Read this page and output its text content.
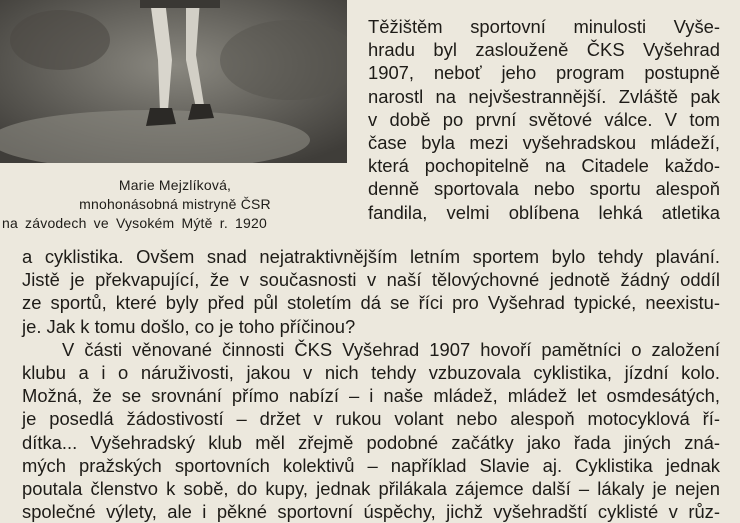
Marie Mejzlíková,
mnohonásobná mistryně ČSR
na závodech ve Vysokém Mýtě r. 1920
Těžištěm sportovní minulosti Vyše-
hradu byl zaslouženě ČKS Vyšehrad
1907, neboť jeho program postupně
narostl na nejvšestrannější. Zvláště pak
v době po první světové válce. V tom
čase byla mezi vyšehradskou mládeží,
která pochopitelně na Citadele každo-
denně sportovala nebo sportu alespoň
fandila, velmi oblíbena lehká atletika
a cyklistika. Ovšem snad nejatraktivnějším letním sportem bylo tehdy plavání.
Jistě je překvapující, že v současnosti v naší tělovýchovné jednotě žádný oddíl
ze sportů, které byly před půl stoletím dá se říci pro Vyšehrad typické, neexistu-
je. Jak k tomu došlo, co je toho příčinou?
V části věnované činnosti ČKS Vyšehrad 1907 hovoří pamětníci o založení
klubu a i o náruživosti, jakou v nich tehdy vzbuzovala cyklistika, jízdní kolo.
Možná, že se srovnání přímo nabízí – i naše mládež, mládež let osmdesátých,
je posedlá žádostivostí – držet v rukou volant nebo alespoň motocyklová ří-
dítka... Vyšehradský klub měl zřejmě podobné začátky jako řada jiných zná-
mých pražských sportovních kolektivů – například Slavie aj. Cyklistika jednak
poutala členstvo k sobě, do kupy, jednak přilákala zájemce další – lákaly je nejen
společné výlety, ale i pěkné sportovní úspěchy, jichž vyšehradští cyklisté v růz-
